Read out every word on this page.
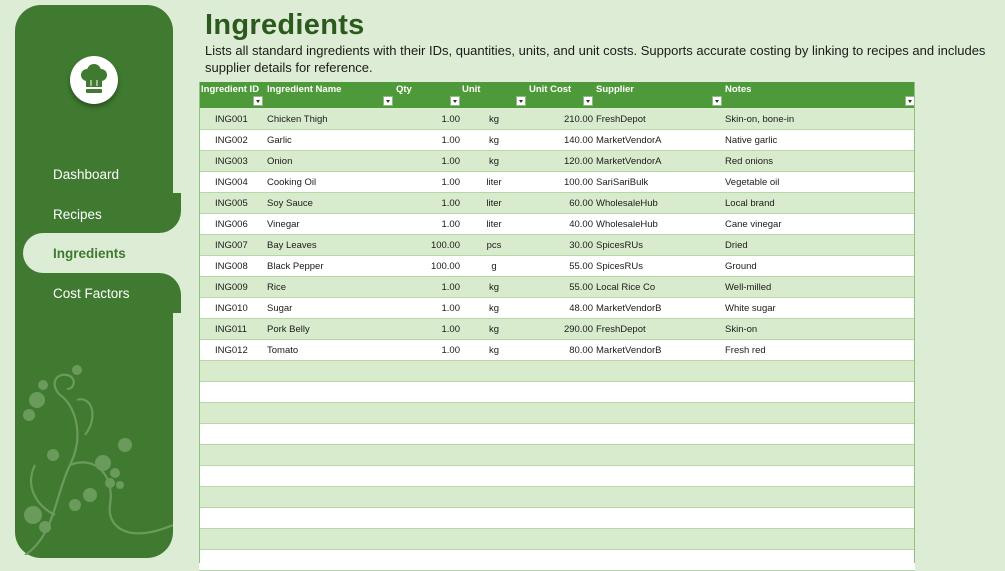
Dashboard
Recipes
Ingredients
Cost Factors
Ingredients
Lists all standard ingredients with their IDs, quantities, units, and unit costs. Supports accurate costing by linking to recipes and includes supplier details for reference.
Ingredient ID Ingredient Name	Qty	Unit	Unit Cost	Supplier	Notes
ING001 Chicken Thigh	1.00	kg	210.00 FreshDepot	Skin-on, bone-in
ING002 Garlic	1.00	kg	140.00 MarketVendorA	Native garlic
ING003 Onion	1.00	kg	120.00 MarketVendorA	Red onions
ING004 Cooking Oil	1.00	liter	100.00 SariSariBulk	Vegetable oil
ING005 Soy Sauce	1.00	liter	60.00 WholesaleHub	Local brand
ING006 Vinegar	1.00	liter	40.00 WholesaleHub	Cane vinegar
ING007 Bay Leaves	100.00	pcs	30.00 SpicesRUs	Dried
ING008 Black Pepper	100.00	g	55.00 SpicesRUs	Ground
ING009 Rice	1.00	kg	55.00 Local Rice Co	Well-milled
ING010 Sugar	1.00	kg	48.00 MarketVendorB	White sugar
ING011 Pork Belly	1.00	kg	290.00 FreshDepot	Skin-on
ING012 Tomato	1.00	kg	80.00 MarketVendorB	Fresh red
